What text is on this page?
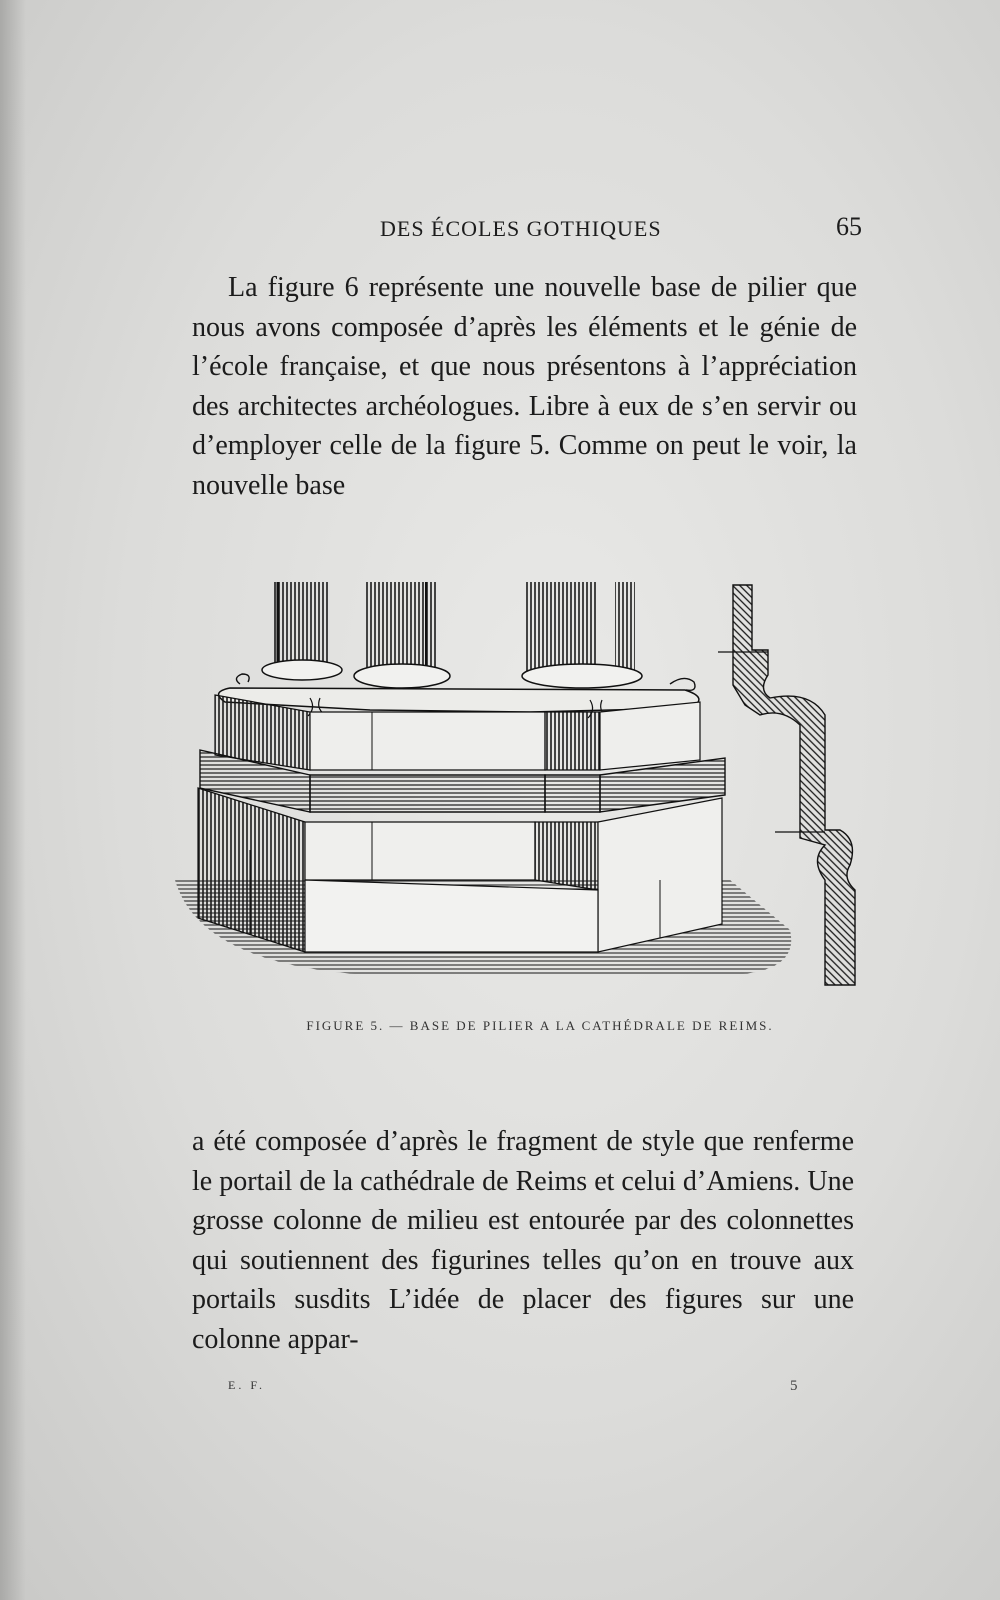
DES ÉCOLES GOTHIQUES	65

La figure 6 représente une nouvelle base de pilier que nous avons composée d’après les éléments et le génie de l’école française, et que nous présentons à l’appréciation des architectes archéologues. Libre à eux de s’en servir ou d’employer celle de la figure 5. Comme on peut le voir, la nouvelle base

FIGURE 5. — BASE DE PILIER A LA CATHÉDRALE DE REIMS.

a été composée d’après le fragment de style que renferme le portail de la cathédrale de Reims et celui d’Amiens. Une grosse colonne de milieu est entourée par des colonnettes qui soutiennent des figurines telles qu’on en trouve aux portails susdits L’idée de placer des figures sur une colonne appar-

E. F.	5
